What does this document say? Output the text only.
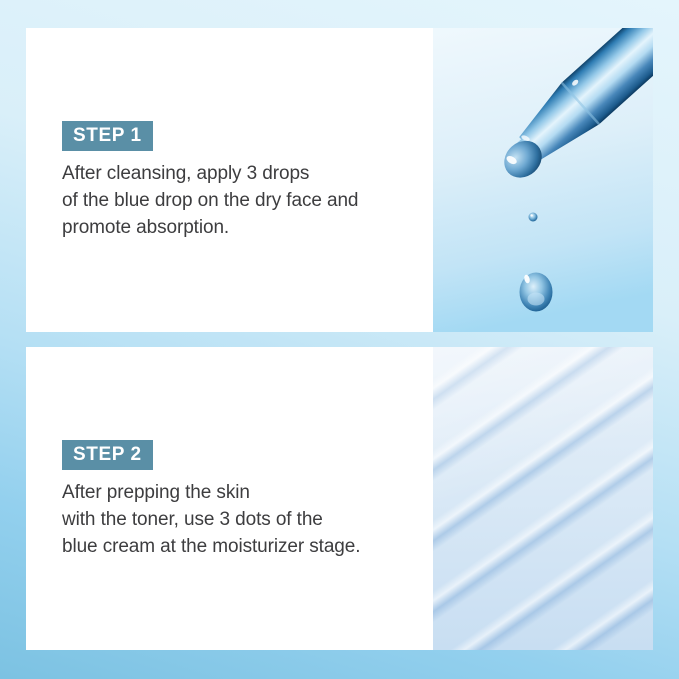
STEP 1

After cleansing, apply 3 drops
of the blue drop on the dry face and
promote absorption.

STEP 2

After prepping the skin
with the toner, use 3 dots of the
blue cream at the moisturizer stage.
